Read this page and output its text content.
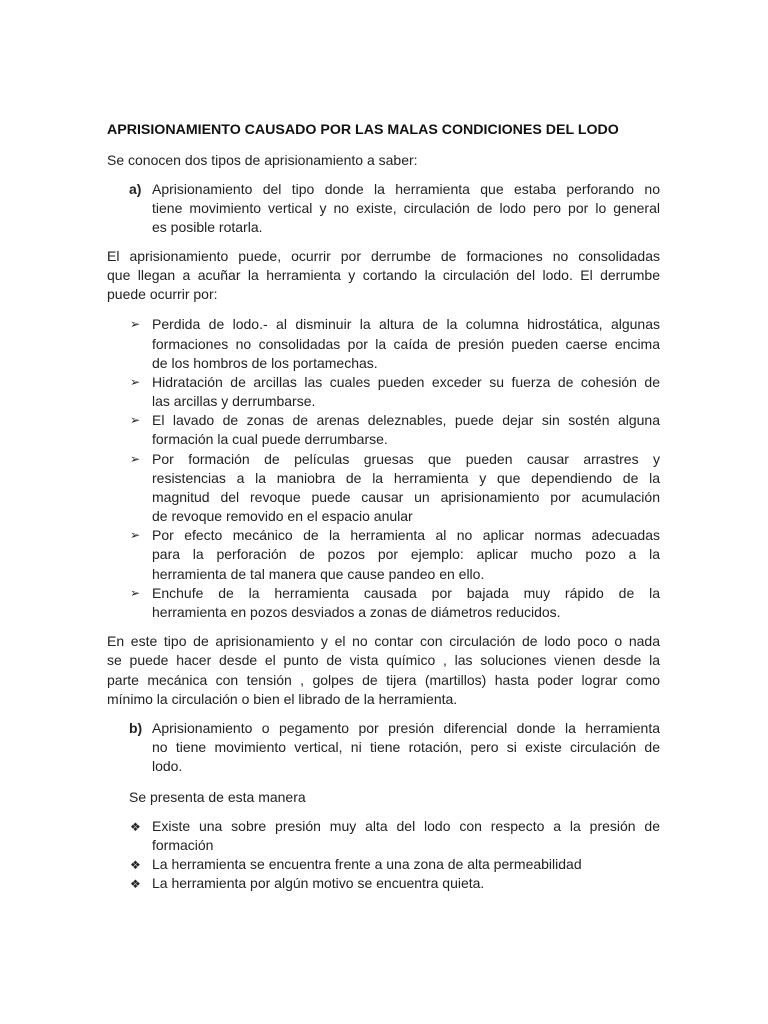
APRISIONAMIENTO CAUSADO POR LAS MALAS CONDICIONES DEL LODO
Se conocen dos tipos de aprisionamiento a saber:
a) Aprisionamiento del tipo donde la herramienta que estaba perforando no
tiene movimiento vertical y no existe, circulación de lodo pero por lo general
es posible rotarla.
El aprisionamiento puede, ocurrir por derrumbe de formaciones no consolidadas
que llegan a acuñar la herramienta y cortando la circulación del lodo. El derrumbe
puede ocurrir por:
➢ Perdida de lodo.- al disminuir la altura de la columna hidrostática, algunas
formaciones no consolidadas por la caída de presión pueden caerse encima
de los hombros de los portamechas.
➢ Hidratación de arcillas las cuales pueden exceder su fuerza de cohesión de
las arcillas y derrumbarse.
➢ El lavado de zonas de arenas deleznables, puede dejar sin sostén alguna
formación la cual puede derrumbarse.
➢ Por formación de películas gruesas que pueden causar arrastres y
resistencias a la maniobra de la herramienta y que dependiendo de la
magnitud del revoque puede causar un aprisionamiento por acumulación
de revoque removido en el espacio anular
➢ Por efecto mecánico de la herramienta al no aplicar normas adecuadas
para la perforación de pozos por ejemplo: aplicar mucho pozo a la
herramienta de tal manera que cause pandeo en ello.
➢ Enchufe de la herramienta causada por bajada muy rápido de la
herramienta en pozos desviados a zonas de diámetros reducidos.
En este tipo de aprisionamiento y el no contar con circulación de lodo poco o nada
se puede hacer desde el punto de vista químico , las soluciones vienen desde la
parte mecánica con tensión , golpes de tijera (martillos) hasta poder lograr como
mínimo la circulación o bien el librado de la herramienta.
b) Aprisionamiento o pegamento por presión diferencial donde la herramienta
no tiene movimiento vertical, ni tiene rotación, pero si existe circulación de
lodo.
Se presenta de esta manera
❖ Existe una sobre presión muy alta del lodo con respecto a la presión de
formación
❖ La herramienta se encuentra frente a una zona de alta permeabilidad
❖ La herramienta por algún motivo se encuentra quieta.
